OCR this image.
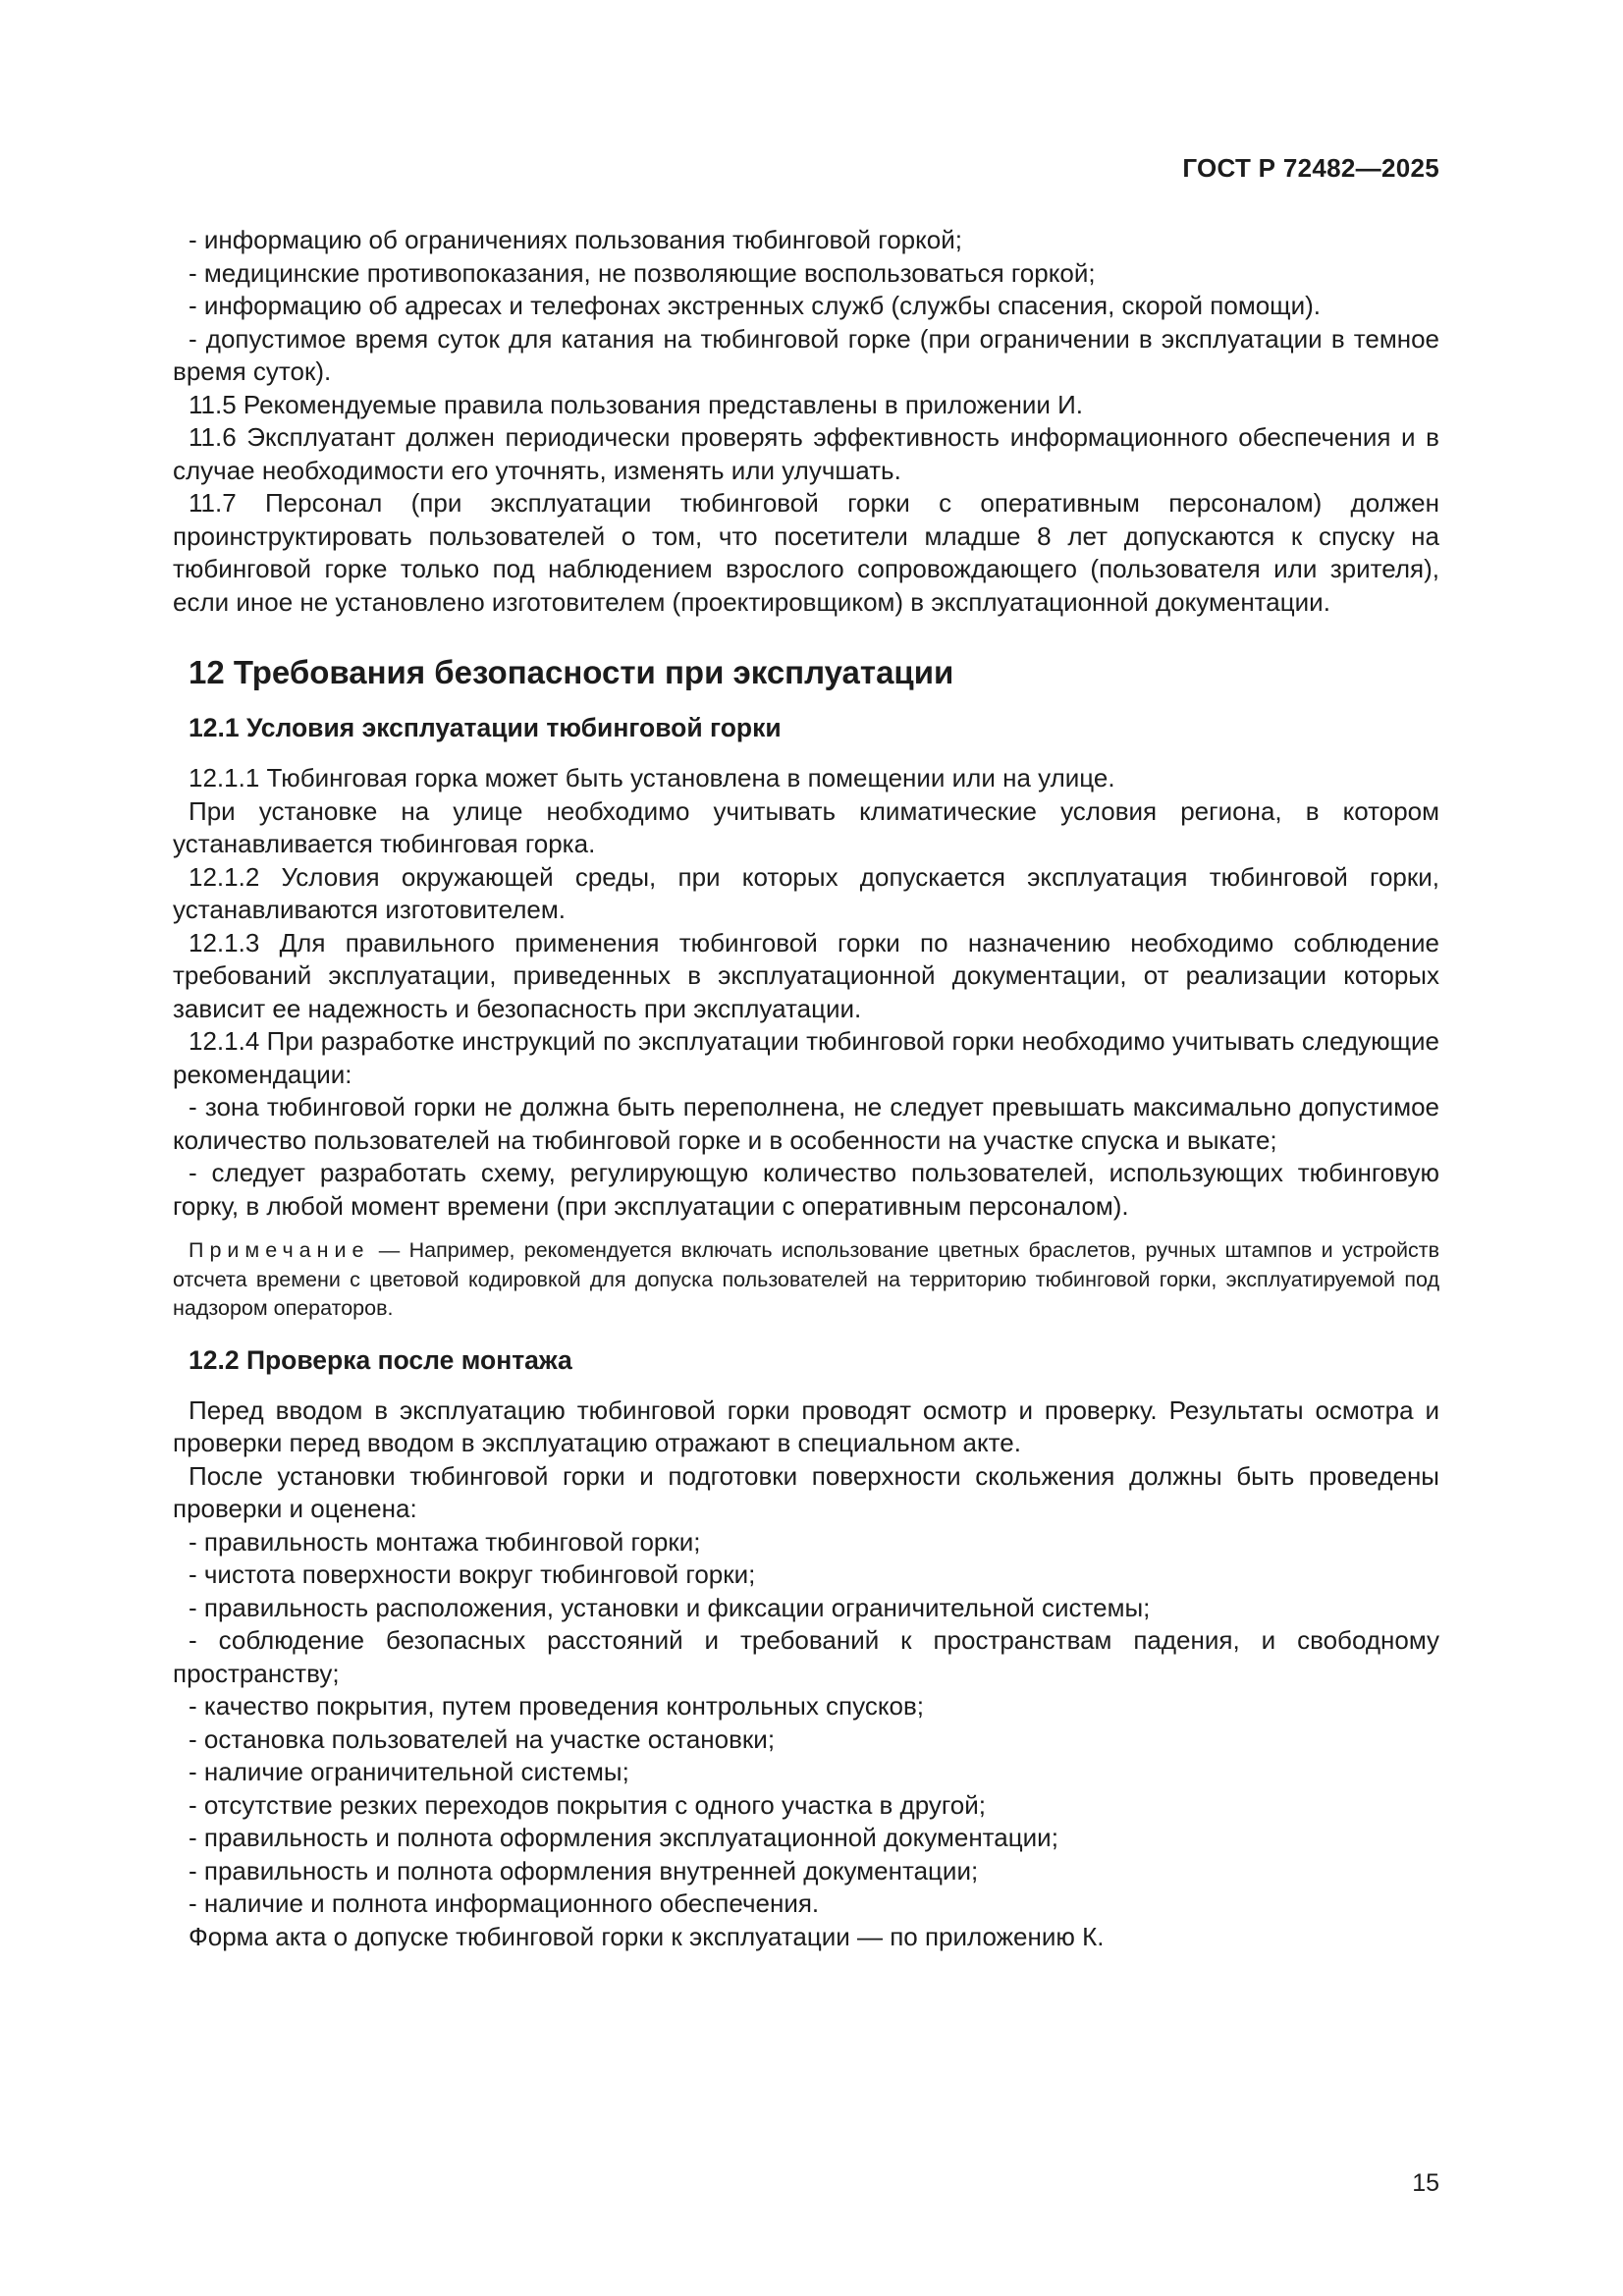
ГОСТ Р 72482—2025
- информацию об ограничениях пользования тюбинговой горкой;
- медицинские противопоказания, не позволяющие воспользоваться горкой;
- информацию об адресах и телефонах экстренных служб (службы спасения, скорой помощи).
- допустимое время суток для катания на тюбинговой горке (при ограничении в эксплуатации в темное время суток).
11.5 Рекомендуемые правила пользования представлены в приложении И.
11.6 Эксплуатант должен периодически проверять эффективность информационного обеспечения и в случае необходимости его уточнять, изменять или улучшать.
11.7 Персонал (при эксплуатации тюбинговой горки с оперативным персоналом) должен проинструктировать пользователей о том, что посетители младше 8 лет допускаются к спуску на тюбинговой горке только под наблюдением взрослого сопровождающего (пользователя или зрителя), если иное не установлено изготовителем (проектировщиком) в эксплуатационной документации.
12 Требования безопасности при эксплуатации
12.1 Условия эксплуатации тюбинговой горки
12.1.1 Тюбинговая горка может быть установлена в помещении или на улице.
При установке на улице необходимо учитывать климатические условия региона, в котором устанавливается тюбинговая горка.
12.1.2 Условия окружающей среды, при которых допускается эксплуатация тюбинговой горки, устанавливаются изготовителем.
12.1.3 Для правильного применения тюбинговой горки по назначению необходимо соблюдение требований эксплуатации, приведенных в эксплуатационной документации, от реализации которых зависит ее надежность и безопасность при эксплуатации.
12.1.4 При разработке инструкций по эксплуатации тюбинговой горки необходимо учитывать следующие рекомендации:
- зона тюбинговой горки не должна быть переполнена, не следует превышать максимально допустимое количество пользователей на тюбинговой горке и в особенности на участке спуска и выкате;
- следует разработать схему, регулирующую количество пользователей, использующих тюбинговую горку, в любой момент времени (при эксплуатации с оперативным персоналом).
Примечание — Например, рекомендуется включать использование цветных браслетов, ручных штампов и устройств отсчета времени с цветовой кодировкой для допуска пользователей на территорию тюбинговой горки, эксплуатируемой под надзором операторов.
12.2 Проверка после монтажа
Перед вводом в эксплуатацию тюбинговой горки проводят осмотр и проверку. Результаты осмотра и проверки перед вводом в эксплуатацию отражают в специальном акте.
После установки тюбинговой горки и подготовки поверхности скольжения должны быть проведены проверки и оценена:
- правильность монтажа тюбинговой горки;
- чистота поверхности вокруг тюбинговой горки;
- правильность расположения, установки и фиксации ограничительной системы;
- соблюдение безопасных расстояний и требований к пространствам падения, и свободному пространству;
- качество покрытия, путем проведения контрольных спусков;
- остановка пользователей на участке остановки;
- наличие ограничительной системы;
- отсутствие резких переходов покрытия с одного участка в другой;
- правильность и полнота оформления эксплуатационной документации;
- правильность и полнота оформления внутренней документации;
- наличие и полнота информационного обеспечения.
Форма акта о допуске тюбинговой горки к эксплуатации — по приложению К.
15
